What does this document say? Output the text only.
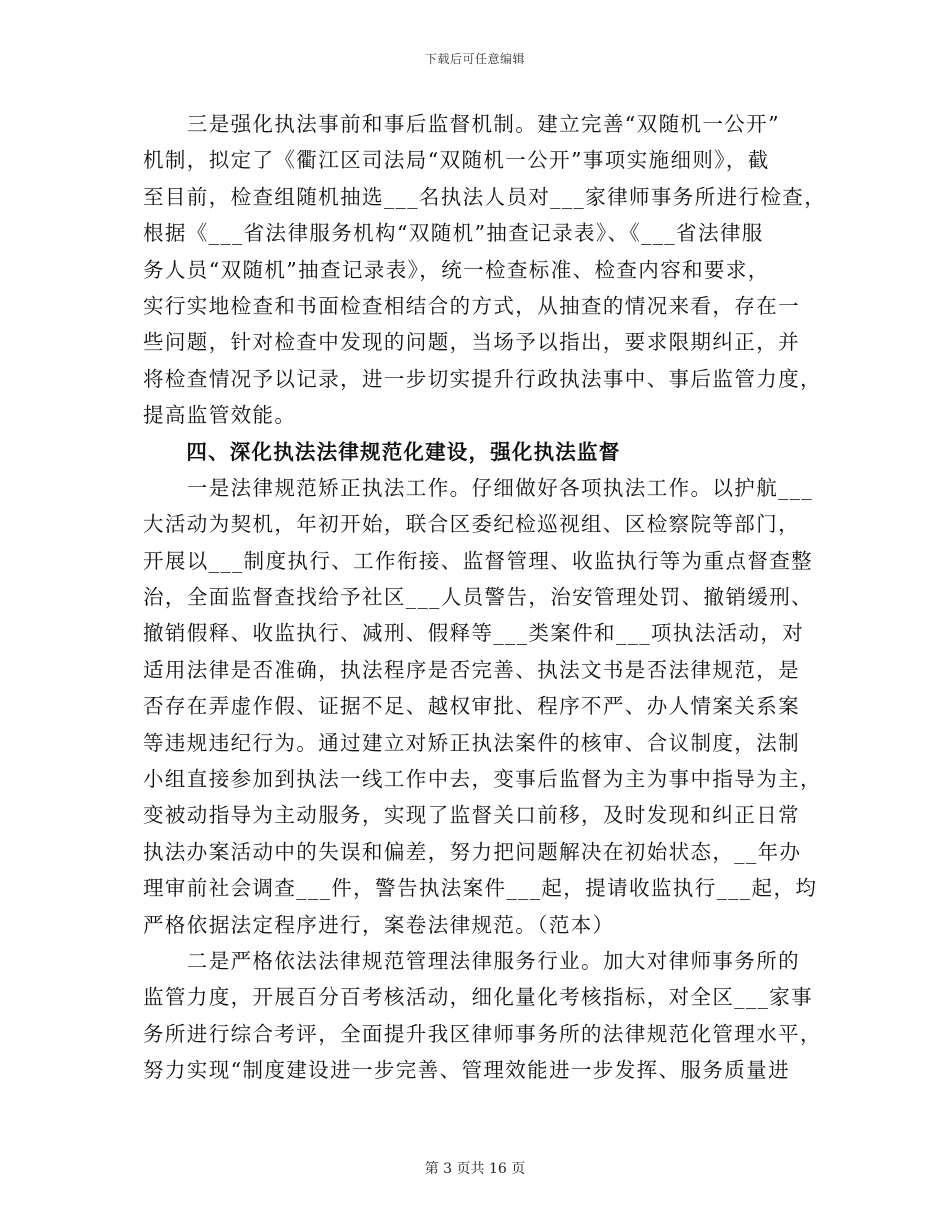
下载后可任意编辑
　　三是强化执法事前和事后监督机制。建立完善“双随机一公开”
机制，拟定了《衢江区司法局“双随机一公开”事项实施细则》，截
至目前，检查组随机抽选___名执法人员对___家律师事务所进行检查，
根据《___省法律服务机构“双随机”抽查记录表》、《___省法律服
务人员“双随机”抽查记录表》，统一检查标准、检查内容和要求，
实行实地检查和书面检查相结合的方式，从抽查的情况来看，存在一
些问题，针对检查中发现的问题，当场予以指出，要求限期纠正，并
将检查情况予以记录，进一步切实提升行政执法事中、事后监管力度，
提高监管效能。
　　四、深化执法法律规范化建设，强化执法监督
　　一是法律规范矫正执法工作。仔细做好各项执法工作。以护航___
大活动为契机，年初开始，联合区委纪检巡视组、区检察院等部门，
开展以___制度执行、工作衔接、监督管理、收监执行等为重点督查整
治，全面监督查找给予社区___人员警告，治安管理处罚、撤销缓刑、
撤销假释、收监执行、减刑、假释等___类案件和___项执法活动，对
适用法律是否准确，执法程序是否完善、执法文书是否法律规范，是
否存在弄虚作假、证据不足、越权审批、程序不严、办人情案关系案
等违规违纪行为。通过建立对矫正执法案件的核审、合议制度，法制
小组直接参加到执法一线工作中去，变事后监督为主为事中指导为主，
变被动指导为主动服务，实现了监督关口前移，及时发现和纠正日常
执法办案活动中的失误和偏差，努力把问题解决在初始状态，__年办
理审前社会调查___件，警告执法案件___起，提请收监执行___起，均
严格依据法定程序进行，案卷法律规范。（范本）
　　二是严格依法法律规范管理法律服务行业。加大对律师事务所的
监管力度，开展百分百考核活动，细化量化考核指标，对全区___家事
务所进行综合考评，全面提升我区律师事务所的法律规范化管理水平，
努力实现“制度建设进一步完善、管理效能进一步发挥、服务质量进
第 3 页共 16 页
